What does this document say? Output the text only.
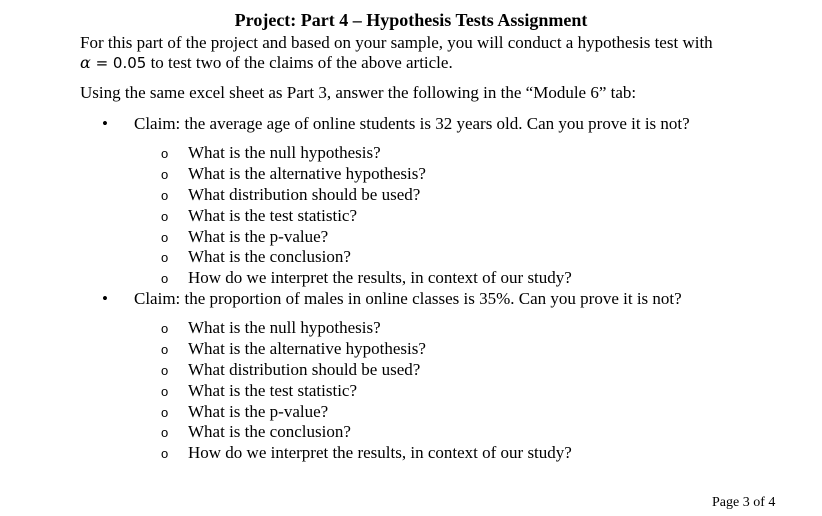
Project: Part 4 – Hypothesis Tests Assignment
For this part of the project and based on your sample, you will conduct a hypothesis test with
α = 0.05 to test two of the claims of the above article.
Using the same excel sheet as Part 3, answer the following in the “Module 6” tab:
• Claim: the average age of online students is 32 years old. Can you prove it is not?
o What is the null hypothesis?
o What is the alternative hypothesis?
o What distribution should be used?
o What is the test statistic?
o What is the p-value?
o What is the conclusion?
o How do we interpret the results, in context of our study?
• Claim: the proportion of males in online classes is 35%. Can you prove it is not?
o What is the null hypothesis?
o What is the alternative hypothesis?
o What distribution should be used?
o What is the test statistic?
o What is the p-value?
o What is the conclusion?
o How do we interpret the results, in context of our study?
Page 3 of 4
